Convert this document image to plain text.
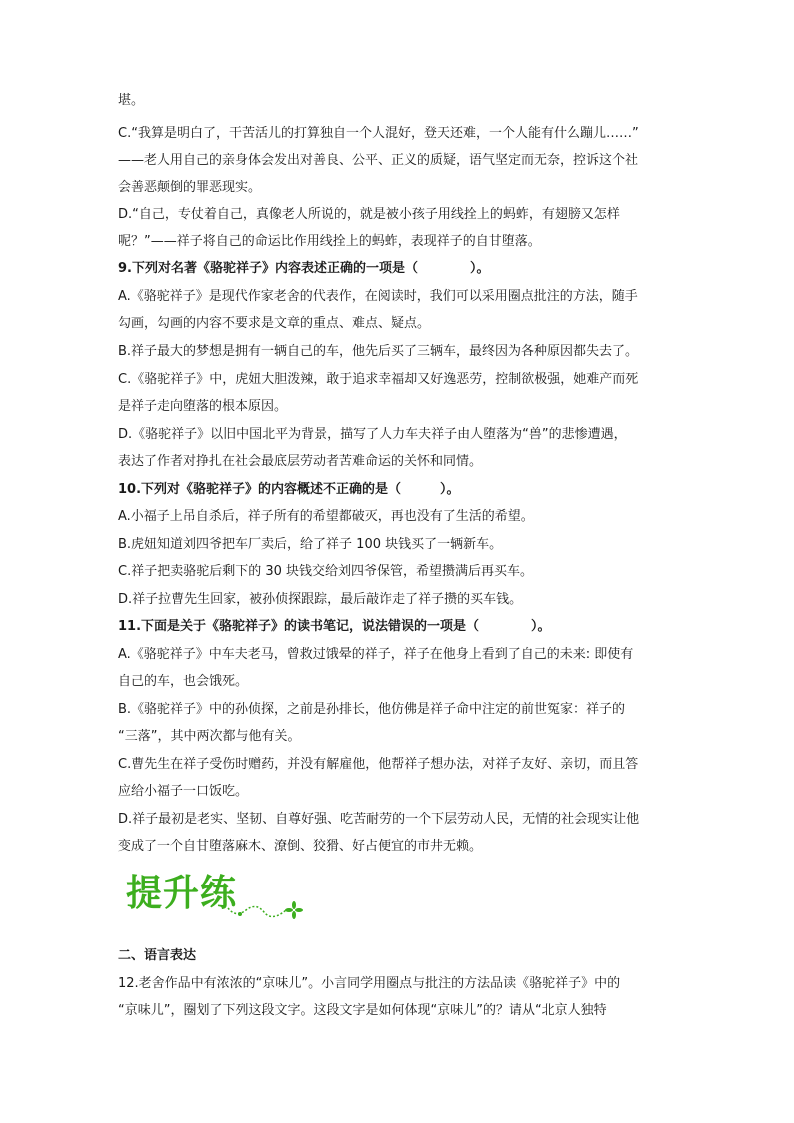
堪。
C.“我算是明白了，干苦活儿的打算独自一个人混好，登天还难，一个人能有什么蹦儿……”
——老人用自己的亲身体会发出对善良、公平、正义的质疑，语气坚定而无奈，控诉这个社
会善恶颠倒的罪恶现实。
D.“自己，专仗着自己，真像老人所说的，就是被小孩子用线拴上的蚂蚱，有翅膀又怎样
呢？”——祥子将自己的命运比作用线拴上的蚂蚱，表现祥子的自甘堕落。
9.下列对名著《骆驼祥子》内容表述正确的一项是（　　　　）。
A.《骆驼祥子》是现代作家老舍的代表作，在阅读时，我们可以采用圈点批注的方法，随手
勾画，勾画的内容不要求是文章的重点、难点、疑点。
B.祥子最大的梦想是拥有一辆自己的车，他先后买了三辆车，最终因为各种原因都失去了。
C.《骆驼祥子》中，虎妞大胆泼辣，敢于追求幸福却又好逸恶劳，控制欲极强，她难产而死
是祥子走向堕落的根本原因。
D.《骆驼祥子》以旧中国北平为背景，描写了人力车夫祥子由人堕落为“兽”的悲惨遭遇，
表达了作者对挣扎在社会最底层劳动者苦难命运的关怀和同情。
10.下列对《骆驼祥子》的内容概述不正确的是（　　　）。
A.小福子上吊自杀后，祥子所有的希望都破灭，再也没有了生活的希望。
B.虎妞知道刘四爷把车厂卖后，给了祥子 100 块钱买了一辆新车。
C.祥子把卖骆驼后剩下的 30 块钱交给刘四爷保管，希望攒满后再买车。
D.祥子拉曹先生回家，被孙侦探跟踪，最后敲诈走了祥子攒的买车钱。
11.下面是关于《骆驼祥子》的读书笔记，说法错误的一项是（　　　　）。
A.《骆驼祥子》中车夫老马，曾救过饿晕的祥子，祥子在他身上看到了自己的未来: 即使有
自己的车，也会饿死。
B.《骆驼祥子》中的孙侦探，之前是孙排长，他仿佛是祥子命中注定的前世冤家：祥子的
“三落”，其中两次都与他有关。
C.曹先生在祥子受伤时赠药，并没有解雇他，他帮祥子想办法，对祥子友好、亲切，而且答
应给小福子一口饭吃。
D.祥子最初是老实、坚韧、自尊好强、吃苦耐劳的一个下层劳动人民，无情的社会现实让他
变成了一个自甘堕落麻木、潦倒、狡猾、好占便宜的市井无赖。
提升练
二、语言表达
12.老舍作品中有浓浓的“京味儿”。小言同学用圈点与批注的方法品读《骆驼祥子》中的
“京味儿”，圈划了下列这段文字。这段文字是如何体现“京味儿”的？请从“北京人独特
